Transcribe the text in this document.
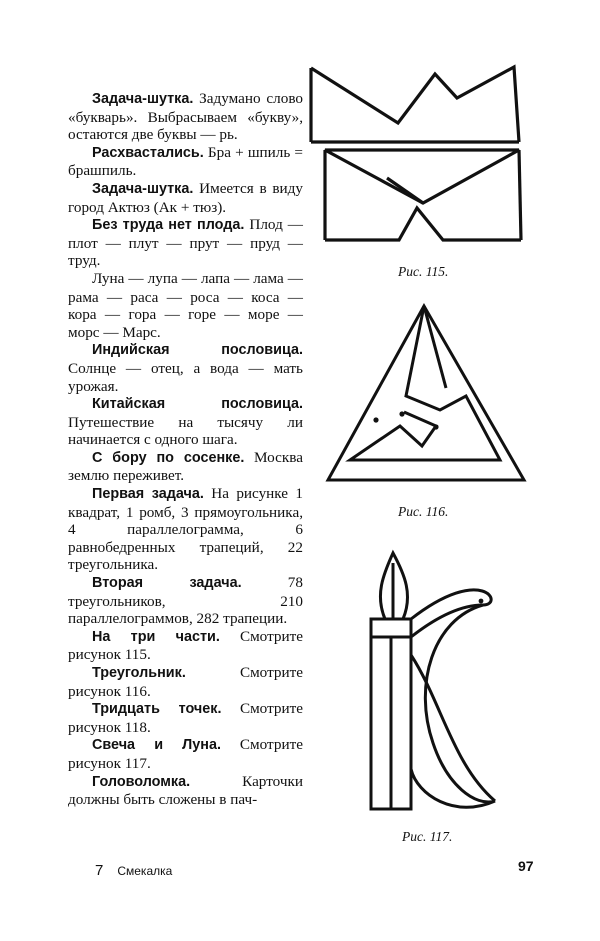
Задача-шутка. Задумано слово «букварь». Выбрасываем «букву», остаются две буквы — рь.

Расхвастались. Бра + шпиль = брашпиль.

Задача-шутка. Имеется в виду город Актюз (Ак + тюз).

Без труда нет плода. Плод — плот — плут — прут — пруд — труд.

Луна — лупа — лапа — лама — рама — раса — роса — коса — кора — гора — горе — море — морс — Марс.

Индийская пословица. Солнце — отец, а вода — мать урожая.

Китайская пословица. Путешествие на тысячу ли начинается с одного шага.

С бору по сосенке. Москва землю переживет.

Первая задача. На рисунке 1 квадрат, 1 ромб, 3 прямоугольника, 4 параллелограмма, 6 равнобедренных трапеций, 22 треугольника.

Вторая задача. 78 треугольников, 210 параллелограммов, 282 трапеции.

На три части. Смотрите рисунок 115.

Треугольник. Смотрите рисунок 116.

Тридцать точек. Смотрите рисунок 118.

Свеча и Луна. Смотрите рисунок 117.

Головоломка. Карточки должны быть сложены в пач-

Рис. 115.
Рис. 116.
Рис. 117.
7 Смекалка	97
